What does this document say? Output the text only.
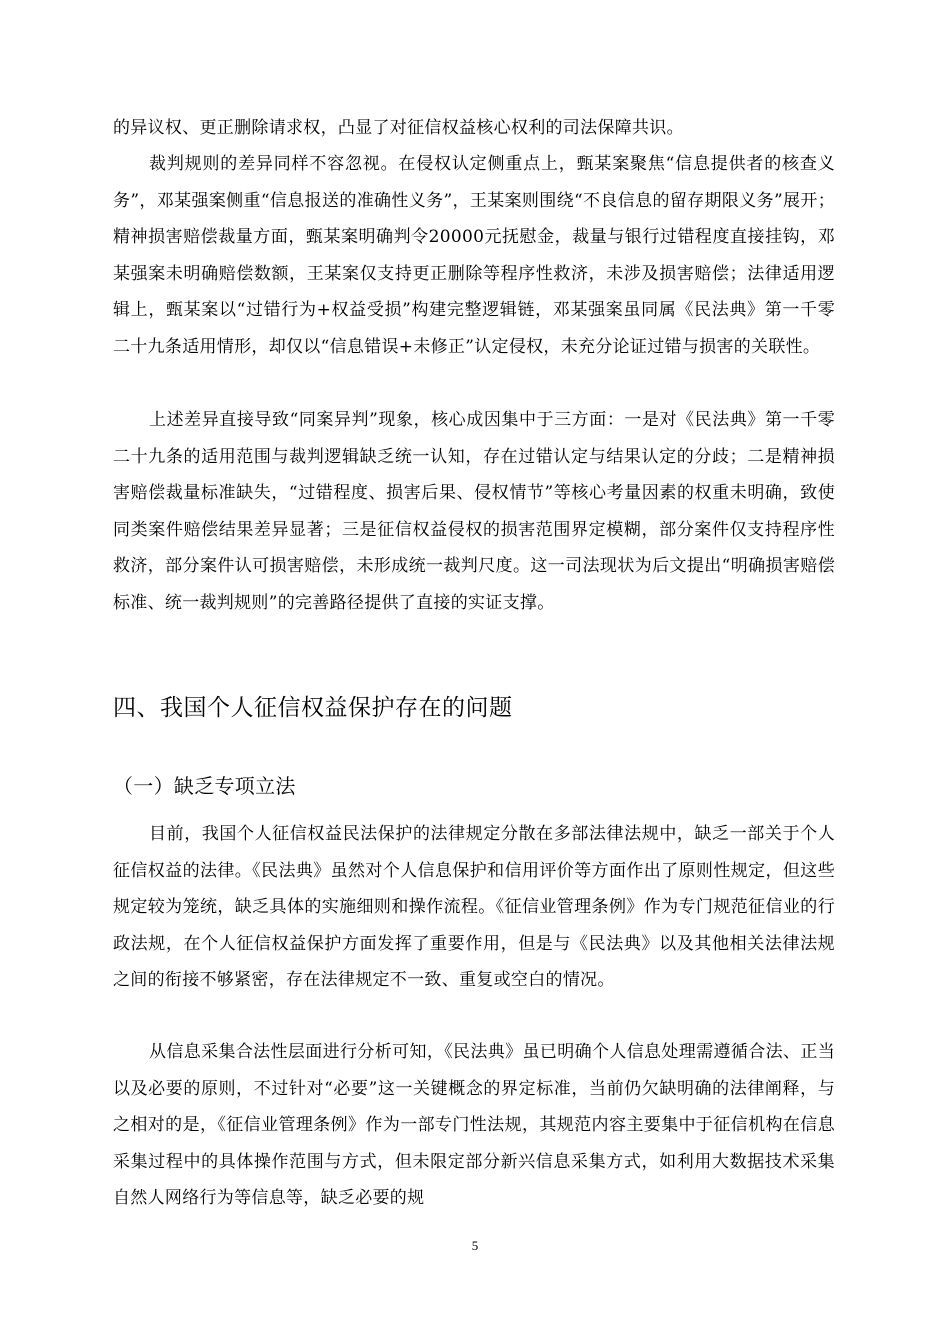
的异议权、更正删除请求权，凸显了对征信权益核心权利的司法保障共识。

裁判规则的差异同样不容忽视。在侵权认定侧重点上，甄某案聚焦“信息提供者的核查义务”，邓某强案侧重“信息报送的准确性义务”，王某案则围绕“不良信息的留存期限义务”展开；精神损害赔偿裁量方面，甄某案明确判令20000元抚慰金，裁量与银行过错程度直接挂钩，邓某强案未明确赔偿数额，王某案仅支持更正删除等程序性救济，未涉及损害赔偿；法律适用逻辑上，甄某案以“过错行为+权益受损”构建完整逻辑链，邓某强案虽同属《民法典》第一千零二十九条适用情形，却仅以“信息错误+未修正”认定侵权，未充分论证过错与损害的关联性。

上述差异直接导致“同案异判”现象，核心成因集中于三方面：一是对《民法典》第一千零二十九条的适用范围与裁判逻辑缺乏统一认知，存在过错认定与结果认定的分歧；二是精神损害赔偿裁量标准缺失，“过错程度、损害后果、侵权情节”等核心考量因素的权重未明确，致使同类案件赔偿结果差异显著；三是征信权益侵权的损害范围界定模糊，部分案件仅支持程序性救济，部分案件认可损害赔偿，未形成统一裁判尺度。这一司法现状为后文提出“明确损害赔偿标准、统一裁判规则”的完善路径提供了直接的实证支撑。

四、我国个人征信权益保护存在的问题
（一）缺乏专项立法

目前，我国个人征信权益民法保护的法律规定分散在多部法律法规中，缺乏一部关于个人征信权益的法律。《民法典》虽然对个人信息保护和信用评价等方面作出了原则性规定，但这些规定较为笼统，缺乏具体的实施细则和操作流程。《征信业管理条例》作为专门规范征信业的行政法规，在个人征信权益保护方面发挥了重要作用，但是与《民法典》以及其他相关法律法规之间的衔接不够紧密，存在法律规定不一致、重复或空白的情况。

从信息采集合法性层面进行分析可知，《民法典》虽已明确个人信息处理需遵循合法、正当以及必要的原则，不过针对“必要”这一关键概念的界定标准，当前仍欠缺明确的法律阐释，与之相对的是，《征信业管理条例》作为一部专门性法规，其规范内容主要集中于征信机构在信息采集过程中的具体操作范围与方式，但未限定部分新兴信息采集方式，如利用大数据技术采集自然人网络行为等信息等，缺乏必要的规

5
